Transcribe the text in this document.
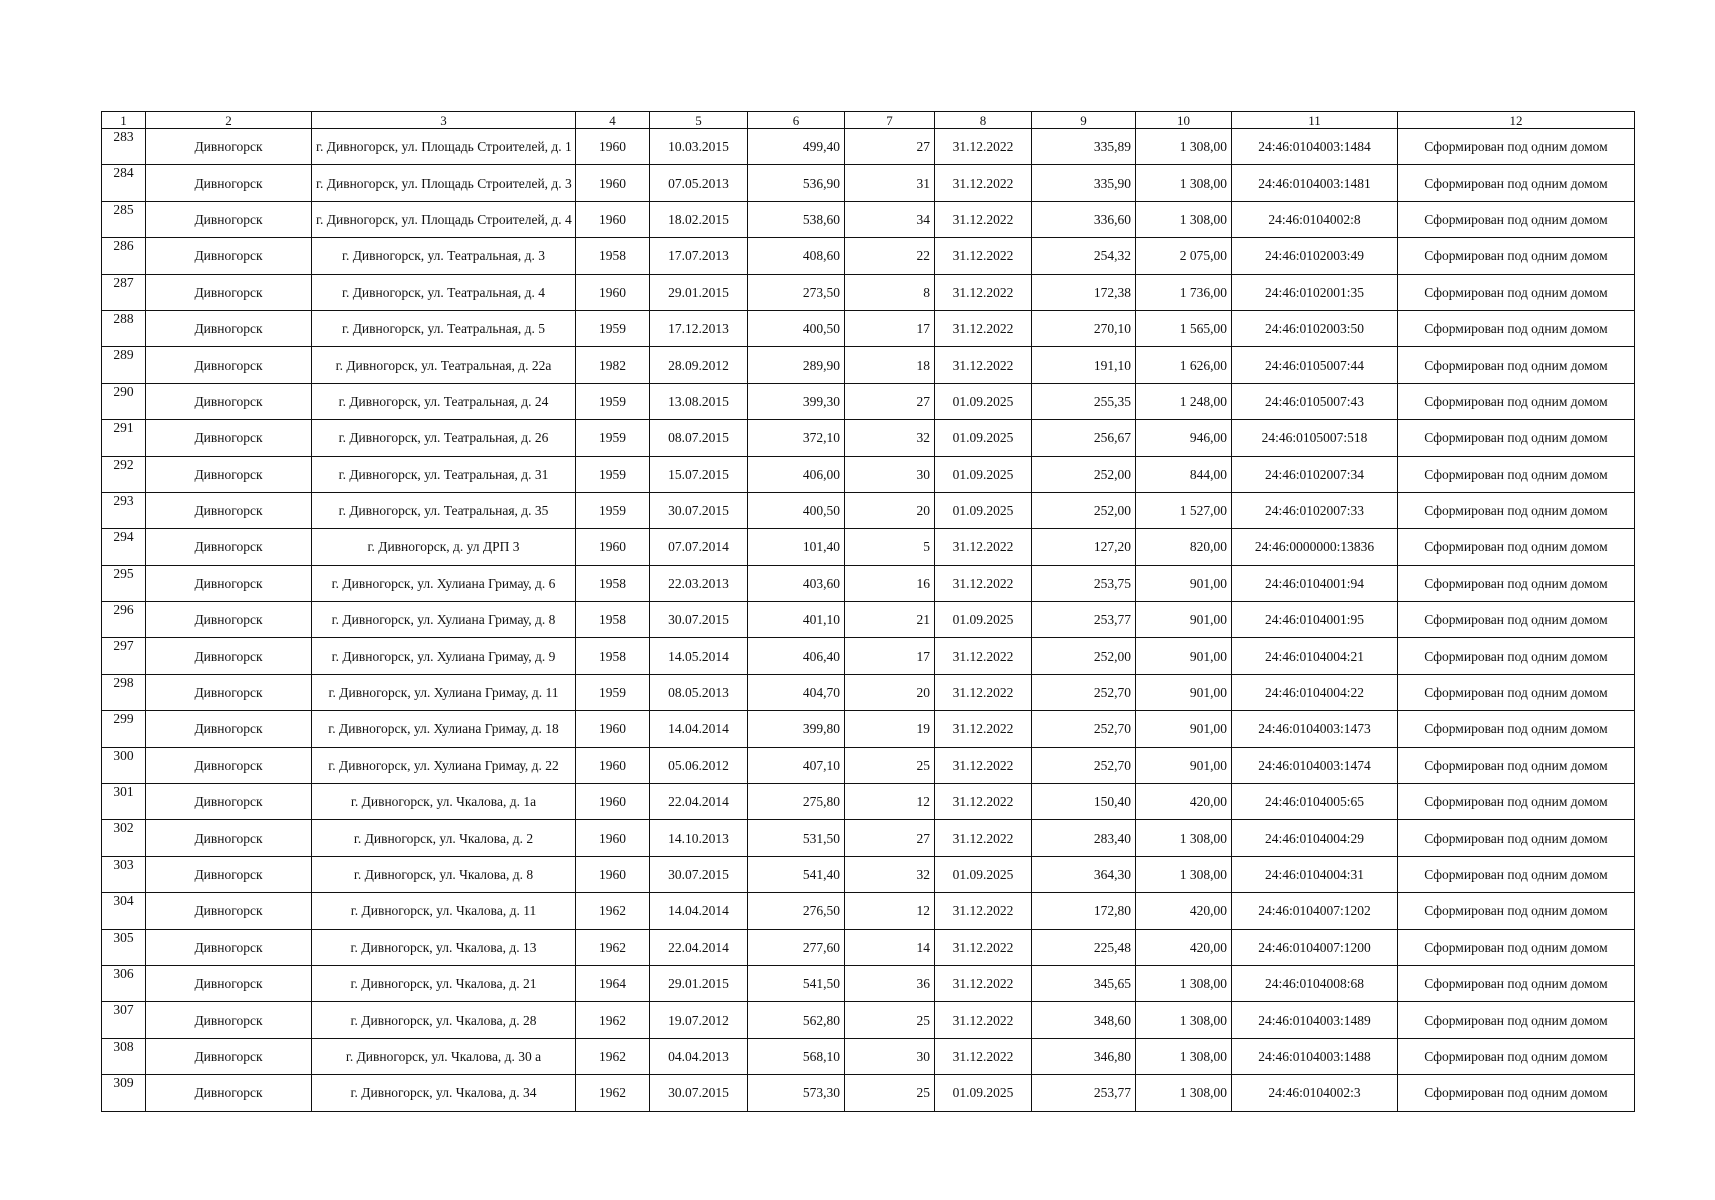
1	2	3	4	5	6	7	8	9	10	11	12
283	Дивногорск	г. Дивногорск, ул. Площадь Строителей, д. 1	1960	10.03.2015	499,40	27	31.12.2022	335,89	1 308,00	24:46:0104003:1484	Сформирован под одним домом
284	Дивногорск	г. Дивногорск, ул. Площадь Строителей, д. 3	1960	07.05.2013	536,90	31	31.12.2022	335,90	1 308,00	24:46:0104003:1481	Сформирован под одним домом
285	Дивногорск	г. Дивногорск, ул. Площадь Строителей, д. 4	1960	18.02.2015	538,60	34	31.12.2022	336,60	1 308,00	24:46:0104002:8	Сформирован под одним домом
286	Дивногорск	г. Дивногорск, ул. Театральная, д. 3	1958	17.07.2013	408,60	22	31.12.2022	254,32	2 075,00	24:46:0102003:49	Сформирован под одним домом
287	Дивногорск	г. Дивногорск, ул. Театральная, д. 4	1960	29.01.2015	273,50	8	31.12.2022	172,38	1 736,00	24:46:0102001:35	Сформирован под одним домом
288	Дивногорск	г. Дивногорск, ул. Театральная, д. 5	1959	17.12.2013	400,50	17	31.12.2022	270,10	1 565,00	24:46:0102003:50	Сформирован под одним домом
289	Дивногорск	г. Дивногорск, ул. Театральная, д. 22а	1982	28.09.2012	289,90	18	31.12.2022	191,10	1 626,00	24:46:0105007:44	Сформирован под одним домом
290	Дивногорск	г. Дивногорск, ул. Театральная, д. 24	1959	13.08.2015	399,30	27	01.09.2025	255,35	1 248,00	24:46:0105007:43	Сформирован под одним домом
291	Дивногорск	г. Дивногорск, ул. Театральная, д. 26	1959	08.07.2015	372,10	32	01.09.2025	256,67	946,00	24:46:0105007:518	Сформирован под одним домом
292	Дивногорск	г. Дивногорск, ул. Театральная, д. 31	1959	15.07.2015	406,00	30	01.09.2025	252,00	844,00	24:46:0102007:34	Сформирован под одним домом
293	Дивногорск	г. Дивногорск, ул. Театральная, д. 35	1959	30.07.2015	400,50	20	01.09.2025	252,00	1 527,00	24:46:0102007:33	Сформирован под одним домом
294	Дивногорск	г. Дивногорск, д. ул ДРП 3	1960	07.07.2014	101,40	5	31.12.2022	127,20	820,00	24:46:0000000:13836	Сформирован под одним домом
295	Дивногорск	г. Дивногорск, ул. Хулиана Гримау, д. 6	1958	22.03.2013	403,60	16	31.12.2022	253,75	901,00	24:46:0104001:94	Сформирован под одним домом
296	Дивногорск	г. Дивногорск, ул. Хулиана Гримау, д. 8	1958	30.07.2015	401,10	21	01.09.2025	253,77	901,00	24:46:0104001:95	Сформирован под одним домом
297	Дивногорск	г. Дивногорск, ул. Хулиана Гримау, д. 9	1958	14.05.2014	406,40	17	31.12.2022	252,00	901,00	24:46:0104004:21	Сформирован под одним домом
298	Дивногорск	г. Дивногорск, ул. Хулиана Гримау, д. 11	1959	08.05.2013	404,70	20	31.12.2022	252,70	901,00	24:46:0104004:22	Сформирован под одним домом
299	Дивногорск	г. Дивногорск, ул. Хулиана Гримау, д. 18	1960	14.04.2014	399,80	19	31.12.2022	252,70	901,00	24:46:0104003:1473	Сформирован под одним домом
300	Дивногорск	г. Дивногорск, ул. Хулиана Гримау, д. 22	1960	05.06.2012	407,10	25	31.12.2022	252,70	901,00	24:46:0104003:1474	Сформирован под одним домом
301	Дивногорск	г. Дивногорск, ул. Чкалова, д. 1а	1960	22.04.2014	275,80	12	31.12.2022	150,40	420,00	24:46:0104005:65	Сформирован под одним домом
302	Дивногорск	г. Дивногорск, ул. Чкалова, д. 2	1960	14.10.2013	531,50	27	31.12.2022	283,40	1 308,00	24:46:0104004:29	Сформирован под одним домом
303	Дивногорск	г. Дивногорск, ул. Чкалова, д. 8	1960	30.07.2015	541,40	32	01.09.2025	364,30	1 308,00	24:46:0104004:31	Сформирован под одним домом
304	Дивногорск	г. Дивногорск, ул. Чкалова, д. 11	1962	14.04.2014	276,50	12	31.12.2022	172,80	420,00	24:46:0104007:1202	Сформирован под одним домом
305	Дивногорск	г. Дивногорск, ул. Чкалова, д. 13	1962	22.04.2014	277,60	14	31.12.2022	225,48	420,00	24:46:0104007:1200	Сформирован под одним домом
306	Дивногорск	г. Дивногорск, ул. Чкалова, д. 21	1964	29.01.2015	541,50	36	31.12.2022	345,65	1 308,00	24:46:0104008:68	Сформирован под одним домом
307	Дивногорск	г. Дивногорск, ул. Чкалова, д. 28	1962	19.07.2012	562,80	25	31.12.2022	348,60	1 308,00	24:46:0104003:1489	Сформирован под одним домом
308	Дивногорск	г. Дивногорск, ул. Чкалова, д. 30 а	1962	04.04.2013	568,10	30	31.12.2022	346,80	1 308,00	24:46:0104003:1488	Сформирован под одним домом
309	Дивногорск	г. Дивногорск, ул. Чкалова, д. 34	1962	30.07.2015	573,30	25	01.09.2025	253,77	1 308,00	24:46:0104002:3	Сформирован под одним домом
